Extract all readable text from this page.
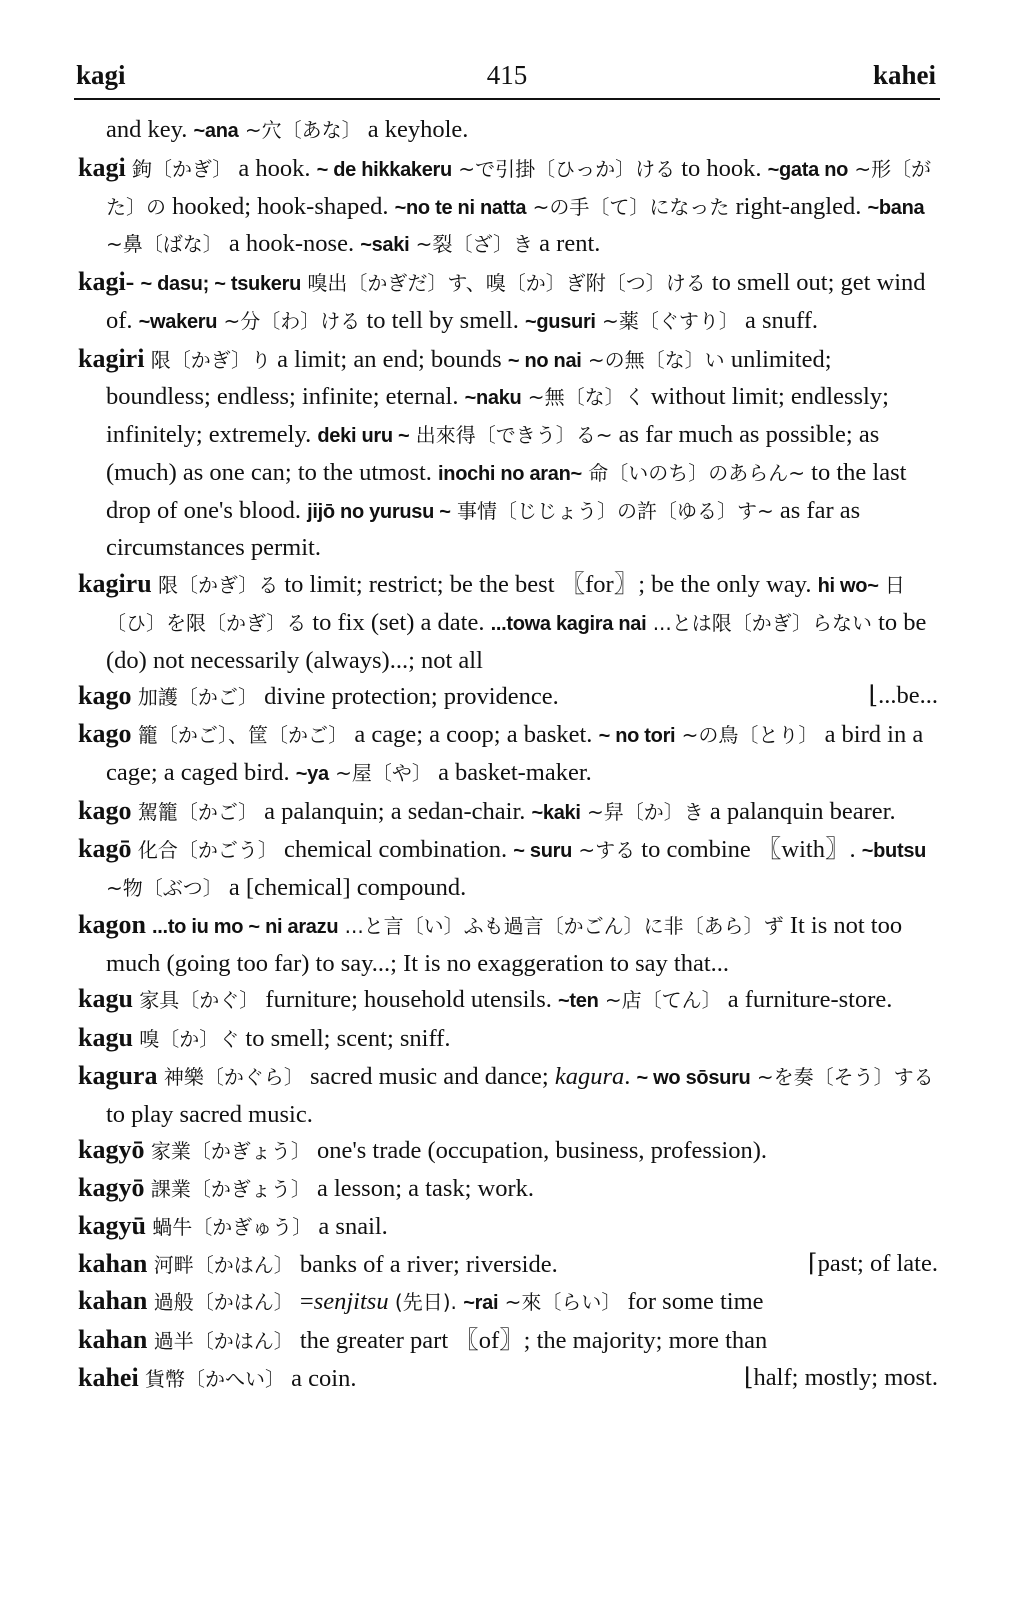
kagi	415	kahei
and key. ~ana ~穴〔あな〕 a keyhole.
kagi 鉤〔かぎ〕 a hook. ~ de hikkakeru ~で引掛〔ひっか〕ける to hook. ~gata no ~形〔がた〕の hooked; hook-shaped. ~no te ni natta ~の手〔て〕になった right-angled. ~bana ~鼻〔ばな〕 a hook-nose. ~saki ~裂〔ざ〕き a rent.
kagi- ~ dasu; ~ tsukeru 嗅出〔かぎだ〕す、嗅〔か〕ぎ附〔つ〕ける to smell out; get wind of. ~wakeru ~分〔わ〕ける to tell by smell. ~gusuri ~薬〔ぐすり〕 a snuff.
kagiri 限〔かぎ〕り a limit; an end; bounds ~ no nai ~の無〔な〕い unlimited; boundless; endless; infinite; eternal. ~naku ~無〔な〕く without limit; endlessly; infinitely; extremely. deki uru ~ 出來得〔できう〕る~ as far much as possible; as (much) as one can; to the utmost. inochi no aran~ 命〔いのち〕のあらん~ to the last drop of one's blood. jijō no yurusu ~ 事情〔じじょう〕の許〔ゆる〕す~ as far as circumstances permit.
kagiru 限〔かぎ〕る to limit; restrict; be the best 〖for〗; be the only way. hi wo~ 日〔ひ〕を限〔かぎ〕る to fix (set) a date. ...towa kagira nai ...とは限〔かぎ〕らない to be (do) not necessarily (always)...; not all
⌊...be...
kago 加護〔かご〕 divine protection; providence.
kago 籠〔かご〕、筐〔かご〕 a cage; a coop; a basket. ~ no tori ~の鳥〔とり〕 a bird in a cage; a caged bird. ~ya ~屋〔や〕 a basket-maker.
kago 駕籠〔かご〕 a palanquin; a sedan-chair. ~kaki ~舁〔か〕き a palanquin bearer.
kagō 化合〔かごう〕 chemical combination. ~ suru ~する to combine 〖with〗. ~butsu ~物〔ぶつ〕 a [chemical] compound.
kagon ...to iu mo ~ ni arazu ...と言〔い〕ふも過言〔かごん〕に非〔あら〕ず It is not too much (going too far) to say...; It is no exaggeration to say that...
kagu 家具〔かぐ〕 furniture; household utensils. ~ten ~店〔てん〕 a furniture-store.
kagu 嗅〔か〕ぐ to smell; scent; sniff.
kagura 神樂〔かぐら〕 sacred music and dance; kagura. ~ wo sōsuru ~を奏〔そう〕する to play sacred music.
kagyō 家業〔かぎょう〕 one's trade (occupation, business, profession).
kagyō 課業〔かぎょう〕 a lesson; a task; work.
kagyū 蝸牛〔かぎゅう〕 a snail.
⌈past; of late.
kahan 河畔〔かはん〕 banks of a river; riverside.
kahan 過般〔かはん〕 =senjitsu (先日). ~rai ~來〔らい〕 for some time
kahan 過半〔かはん〕 the greater part 〖of〗; the majority; more than
⌊half; mostly; most.
kahei 貨幣〔かへい〕 a coin.
